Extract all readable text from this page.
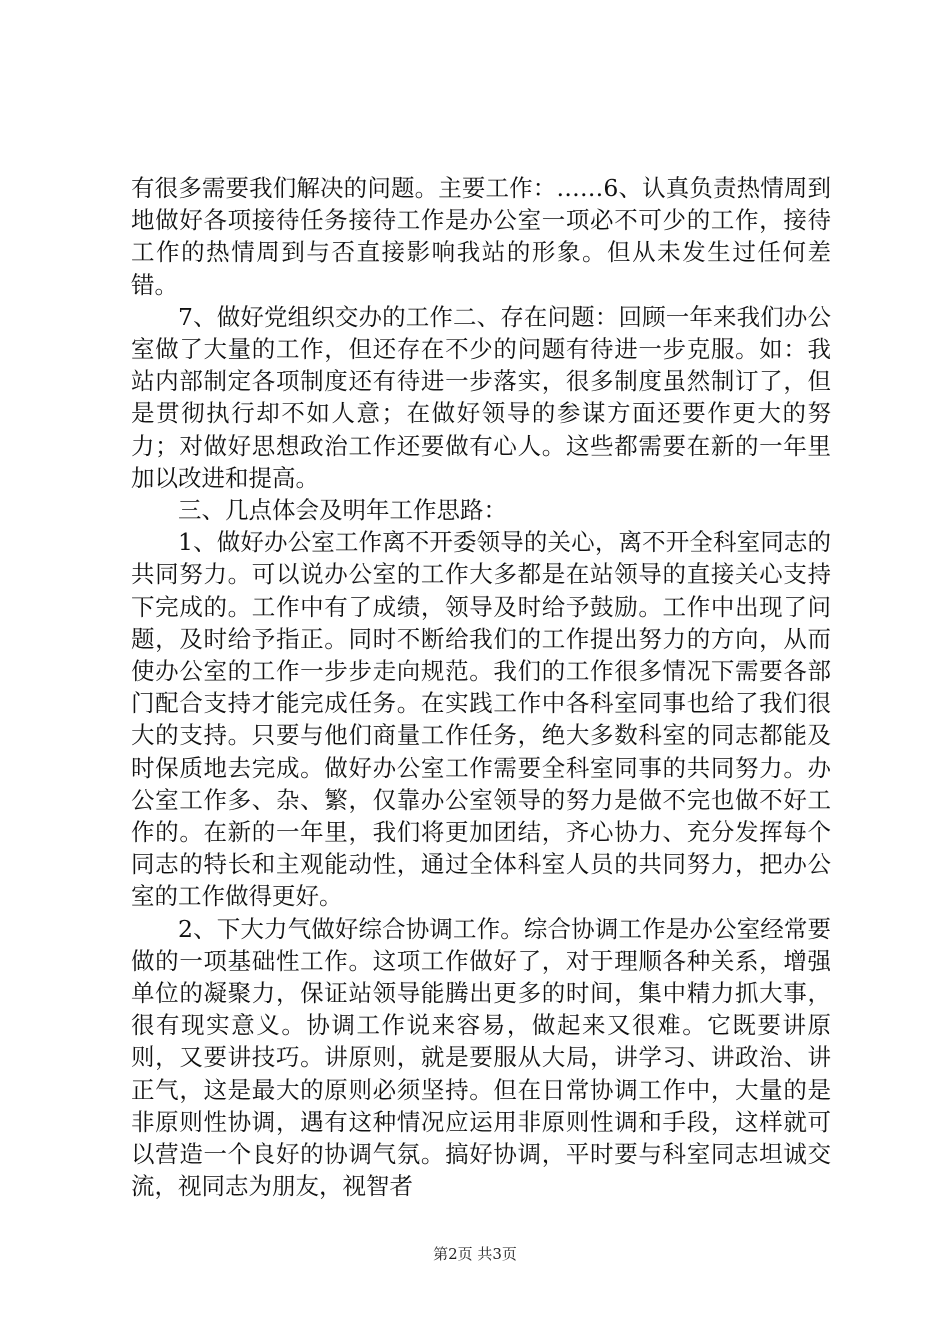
有很多需要我们解决的问题。主要工作：……6、认真负责热情周到地做好各项接待任务接待工作是办公室一项必不可少的工作，接待工作的热情周到与否直接影响我站的形象。但从未发生过任何差错。

7、做好党组织交办的工作二、存在问题：回顾一年来我们办公室做了大量的工作，但还存在不少的问题有待进一步克服。如：我站内部制定各项制度还有待进一步落实，很多制度虽然制订了，但是贯彻执行却不如人意；在做好领导的参谋方面还要作更大的努力；对做好思想政治工作还要做有心人。这些都需要在新的一年里加以改进和提高。

三、几点体会及明年工作思路：

1、做好办公室工作离不开委领导的关心，离不开全科室同志的共同努力。可以说办公室的工作大多都是在站领导的直接关心支持下完成的。工作中有了成绩，领导及时给予鼓励。工作中出现了问题，及时给予指正。同时不断给我们的工作提出努力的方向，从而使办公室的工作一步步走向规范。我们的工作很多情况下需要各部门配合支持才能完成任务。在实践工作中各科室同事也给了我们很大的支持。只要与他们商量工作任务，绝大多数科室的同志都能及时保质地去完成。做好办公室工作需要全科室同事的共同努力。办公室工作多、杂、繁，仅靠办公室领导的努力是做不完也做不好工作的。在新的一年里，我们将更加团结，齐心协力、充分发挥每个同志的特长和主观能动性，通过全体科室人员的共同努力，把办公室的工作做得更好。

2、下大力气做好综合协调工作。综合协调工作是办公室经常要做的一项基础性工作。这项工作做好了，对于理顺各种关系，增强单位的凝聚力，保证站领导能腾出更多的时间，集中精力抓大事，很有现实意义。协调工作说来容易，做起来又很难。它既要讲原则，又要讲技巧。讲原则，就是要服从大局，讲学习、讲政治、讲正气，这是最大的原则必须坚持。但在日常协调工作中，大量的是非原则性协调，遇有这种情况应运用非原则性调和手段，这样就可以营造一个良好的协调气氛。搞好协调，平时要与科室同志坦诚交流，视同志为朋友，视智者

第2页 共3页
